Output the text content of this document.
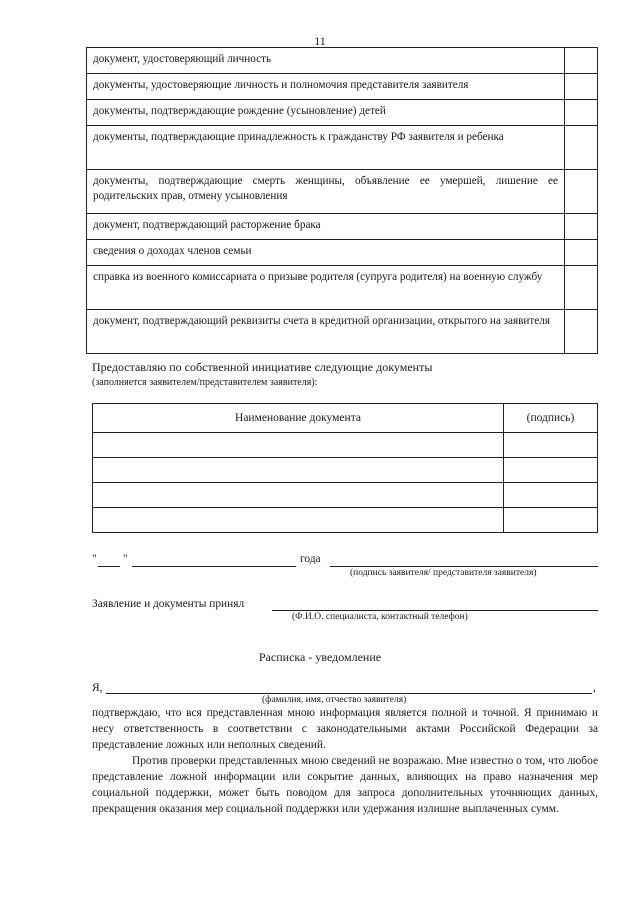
11
документ, удостоверяющий личность	
документы, удостоверяющие личность и полномочия представителя заявителя	
документы, подтверждающие рождение (усыновление) детей	
документы, подтверждающие принадлежность к гражданству РФ заявителя и ребенка	
документы, подтверждающие смерть женщины, объявление ее умершей, лишение ее родительских прав, отмену усыновления	
документ, подтверждающий расторжение брака	
сведения о доходах членов семьи	
справка из военного комиссариата о призыве родителя (супруга родителя) на военную службу	
документ, подтверждающий реквизиты счета в кредитной организации, открытого на заявителя	
Предоставляю по собственной инициативе следующие документы
(заполняется заявителем/представителем заявителя):
Наименование документа	(подпись)

" "	года
(подпись заявителя/ представителя заявителя)
Заявление и документы принял
(Ф.И.О. специалиста, контактный телефон)
Расписка - уведомление
Я,	,
(фамилия, имя, отчество заявителя)
подтверждаю, что вся представленная мною информация является полной и точной. Я принимаю и несу ответственность в соответствии с законодательными актами Российской Федерации за представление ложных или неполных сведений.
Против проверки представленных мною сведений не возражаю. Мне известно о том, что любое представление ложной информации или сокрытие данных, влияющих на право назначения мер социальной поддержки, может быть поводом для запроса дополнительных уточняющих данных, прекращения оказания мер социальной поддержки или удержания излишне выплаченных сумм.
